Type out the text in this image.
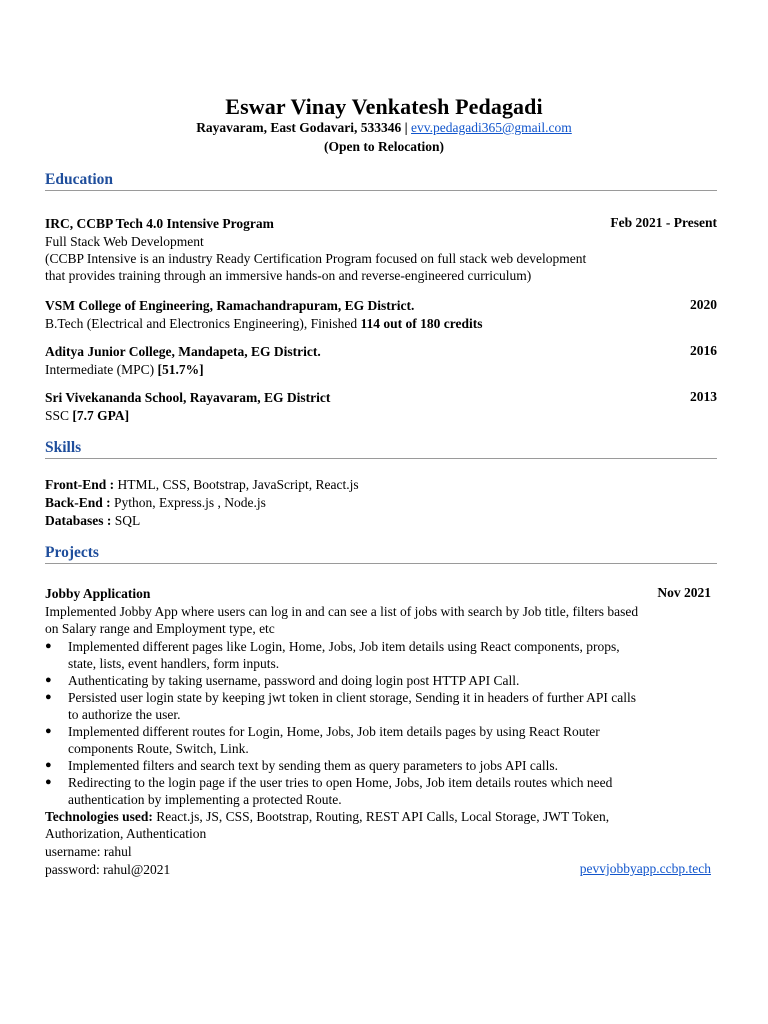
Eswar Vinay Venkatesh Pedagadi
Rayavaram, East Godavari, 533346 | evv.pedagadi365@gmail.com
(Open to Relocation)
Education
IRC, CCBP Tech 4.0 Intensive Program	Feb 2021 - Present
Full Stack Web Development
(CCBP Intensive is an industry Ready Certification Program focused on full stack web development
that provides training through an immersive hands-on and reverse-engineered curriculum)
VSM College of Engineering, Ramachandrapuram, EG District.	2020
B.Tech (Electrical and Electronics Engineering), Finished 114 out of 180 credits
Aditya Junior College, Mandapeta, EG District.	2016
Intermediate (MPC) [51.7%]
Sri Vivekananda School, Rayavaram, EG District	2013
SSC [7.7 GPA]
Skills
Front-End : HTML, CSS, Bootstrap, JavaScript, React.js
Back-End : Python, Express.js , Node.js
Databases : SQL
Projects
Jobby Application	Nov 2021
Implemented Jobby App where users can log in and can see a list of jobs with search by Job title, filters based
on Salary range and Employment type, etc
● Implemented different pages like Login, Home, Jobs, Job item details using React components, props,
state, lists, event handlers, form inputs.
● Authenticating by taking username, password and doing login post HTTP API Call.
● Persisted user login state by keeping jwt token in client storage, Sending it in headers of further API calls
to authorize the user.
● Implemented different routes for Login, Home, Jobs, Job item details pages by using React Router
components Route, Switch, Link.
● Implemented filters and search text by sending them as query parameters to jobs API calls.
● Redirecting to the login page if the user tries to open Home, Jobs, Job item details routes which need
authentication by implementing a protected Route.
Technologies used: React.js, JS, CSS, Bootstrap, Routing, REST API Calls, Local Storage, JWT Token,
Authorization, Authentication
username: rahul
password: rahul@2021	pevvjobbyapp.ccbp.tech
